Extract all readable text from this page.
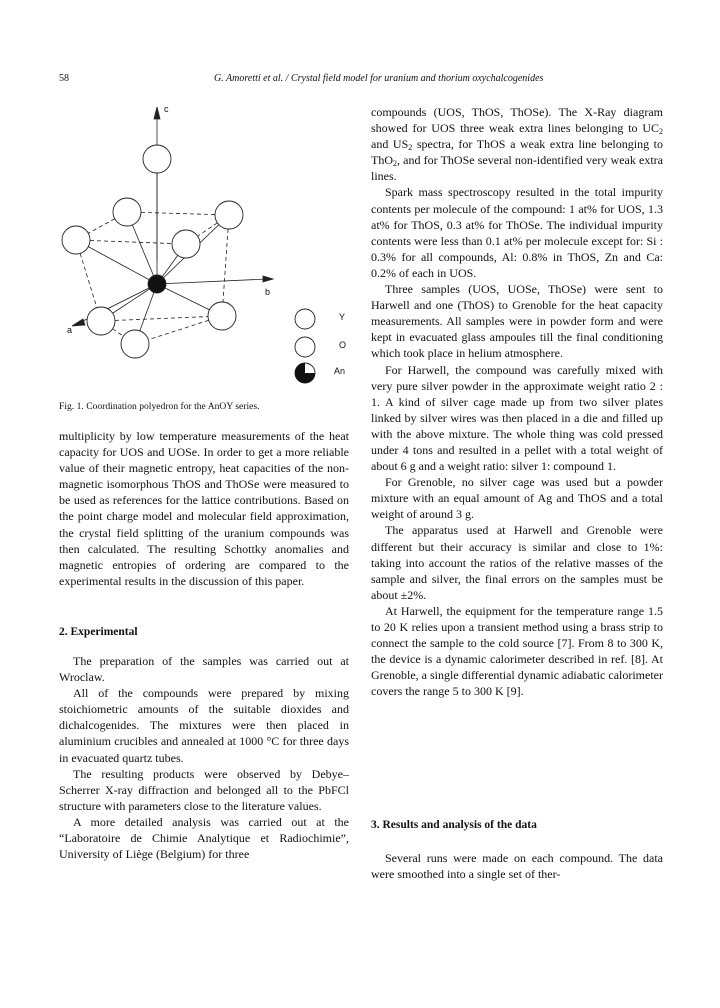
58	G. Amoretti et al. / Crystal field model for uranium and thorium oxychalcogenides
c
b
a
Y
O
An
Fig. 1. Coordination polyedron for the AnOY series.

multiplicity by low temperature measurements of the heat capacity for UOS and UOSe. In order to get a more reliable value of their magnetic entropy, heat capacities of the non-magnetic isomorphous ThOS and ThOSe were measured to be used as references for the lattice contributions. Based on the point charge model and molecular field approximation, the crystal field splitting of the uranium compounds was then calculated. The resulting Schottky anomalies and magnetic entropies of ordering are compared to the experimental results in the discussion of this paper.

2. Experimental

The preparation of the samples was carried out at Wroclaw.

All of the compounds were prepared by mixing stoichiometric amounts of the suitable dioxides and dichalcogenides. The mixtures were then placed in aluminium crucibles and annealed at 1000 °C for three days in evacuated quartz tubes.

The resulting products were observed by Debye–Scherrer X-ray diffraction and belonged all to the PbFCl structure with parameters close to the literature values.

A more detailed analysis was carried out at the “Laboratoire de Chimie Analytique et Radiochimie”, University of Liège (Belgium) for three

compounds (UOS, ThOS, ThOSe). The X-Ray diagram showed for UOS three weak extra lines belonging to $UC_2$ and $US_2$ spectra, for ThOS a weak extra line belonging to ThO$_2$, and for ThOSe several non-identified very weak extra lines.

Spark mass spectroscopy resulted in the total impurity contents per molecule of the compound: 1 at% for UOS, 1.3 at% for ThOS, 0.3 at% for ThOSe. The individual impurity contents were less than 0.1 at% per molecule except for: Si : 0.3% for all compounds, Al: 0.8% in ThOS, Zn and Ca: 0.2% of each in UOS.

Three samples (UOS, UOSe, ThOSe) were sent to Harwell and one (ThOS) to Grenoble for the heat capacity measurements. All samples were in powder form and were kept in evacuated glass ampoules till the final conditioning which took place in helium atmosphere.

For Harwell, the compound was carefully mixed with very pure silver powder in the approximate weight ratio 2 : 1. A kind of silver cage made up from two silver plates linked by silver wires was then placed in a die and filled up with the above mixture. The whole thing was cold pressed under 4 tons and resulted in a pellet with a total weight of about 6 g and a weight ratio: silver 1: compound 1.

For Grenoble, no silver cage was used but a powder mixture with an equal amount of Ag and ThOS and a total weight of around 3 g.

The apparatus used at Harwell and Grenoble were different but their accuracy is similar and close to 1%: taking into account the ratios of the relative masses of the sample and silver, the final errors on the samples must be about ±2%.

At Harwell, the equipment for the temperature range 1.5 to 20 K relies upon a transient method using a brass strip to connect the sample to the cold source [7]. From 8 to 300 K, the device is a dynamic calorimeter described in ref. [8]. At Grenoble, a single differential dynamic adiabatic calorimeter covers the range 5 to 300 K [9].

3. Results and analysis of the data

Several runs were made on each compound. The data were smoothed into a single set of ther-
